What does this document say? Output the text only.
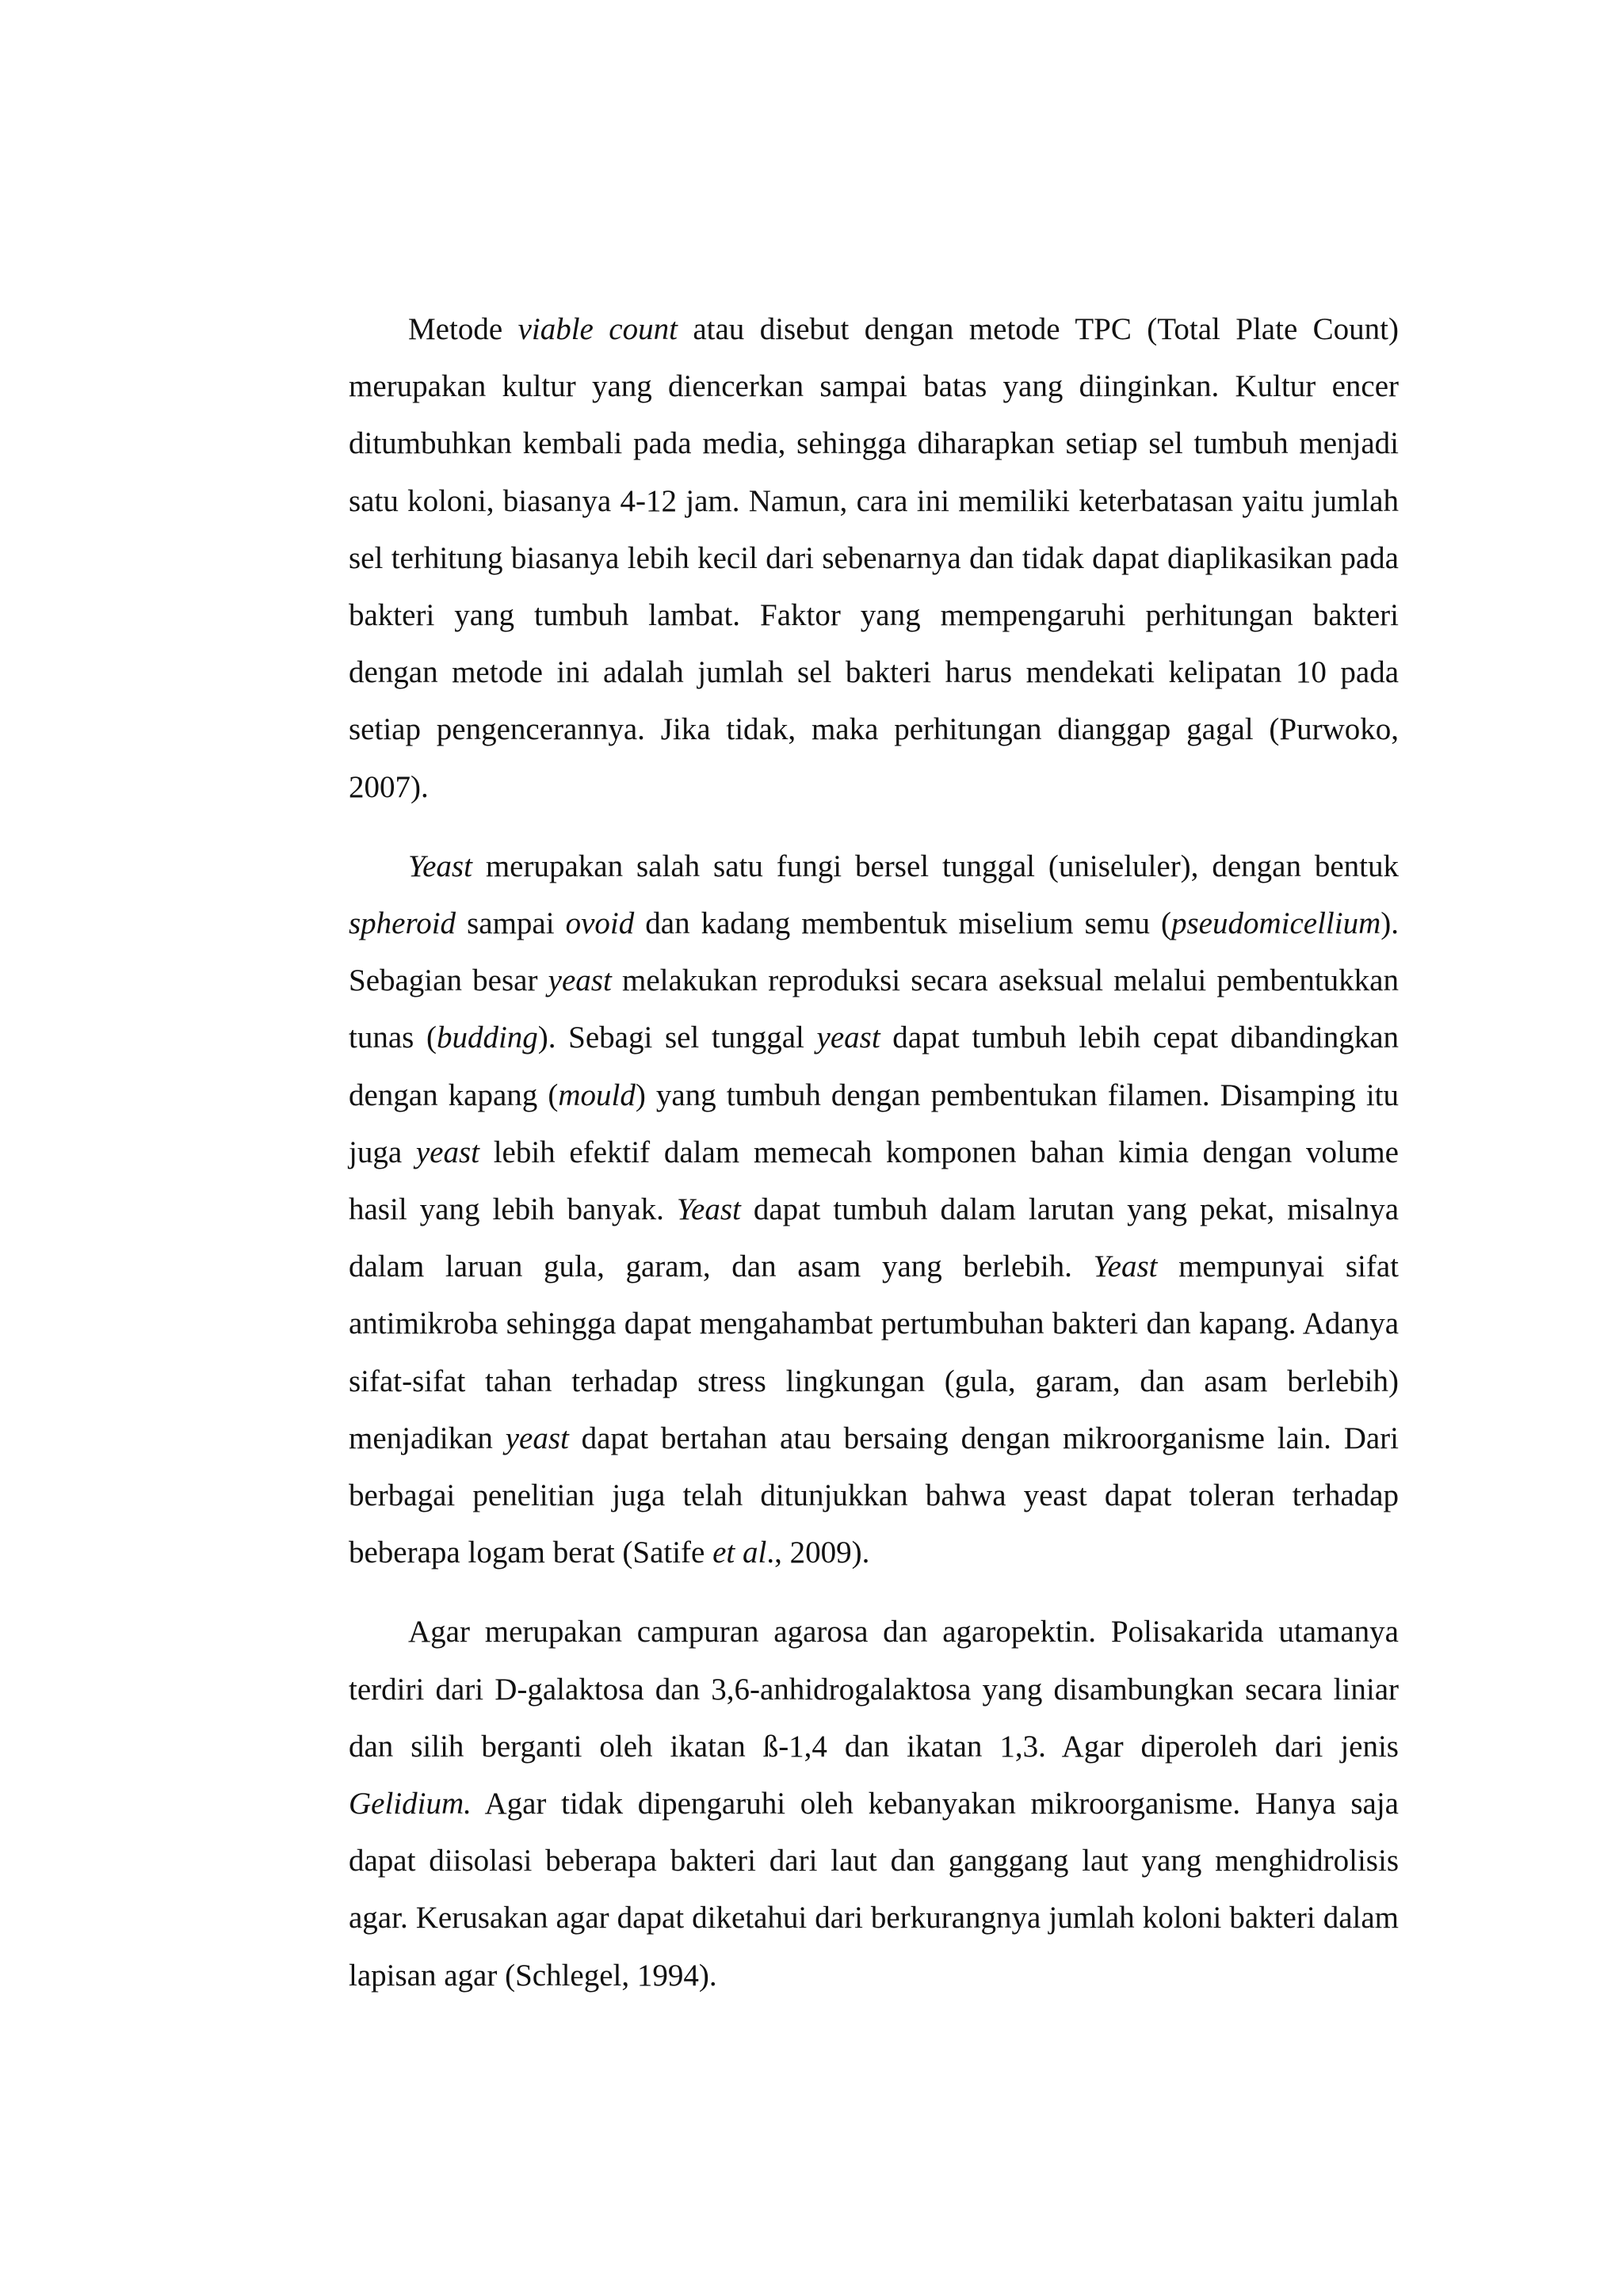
Metode viable count atau disebut dengan metode TPC (Total Plate Count) merupakan kultur yang diencerkan sampai batas yang diinginkan. Kultur encer ditumbuhkan kembali pada media, sehingga diharapkan setiap sel tumbuh menjadi satu koloni, biasanya 4-12 jam. Namun, cara ini memiliki keterbatasan yaitu jumlah sel terhitung biasanya lebih kecil dari sebenarnya dan tidak dapat diaplikasikan pada bakteri yang tumbuh lambat. Faktor yang mempengaruhi perhitungan bakteri dengan metode ini adalah jumlah sel bakteri harus mendekati kelipatan 10 pada setiap pengencerannya. Jika tidak, maka perhitungan dianggap gagal (Purwoko, 2007).

Yeast merupakan salah satu fungi bersel tunggal (uniseluler), dengan bentuk spheroid sampai ovoid dan kadang membentuk miselium semu (pseudomicellium). Sebagian besar yeast melakukan reproduksi secara aseksual melalui pembentukkan tunas (budding). Sebagi sel tunggal yeast dapat tumbuh lebih cepat dibandingkan dengan kapang (mould) yang tumbuh dengan pembentukan filamen. Disamping itu juga yeast lebih efektif dalam memecah komponen bahan kimia dengan volume hasil yang lebih banyak. Yeast dapat tumbuh dalam larutan yang pekat, misalnya dalam laruan gula, garam, dan asam yang berlebih. Yeast mempunyai sifat antimikroba sehingga dapat mengahambat pertumbuhan bakteri dan kapang. Adanya sifat-sifat tahan terhadap stress lingkungan (gula, garam, dan asam berlebih) menjadikan yeast dapat bertahan atau bersaing dengan mikroorganisme lain. Dari berbagai penelitian juga telah ditunjukkan bahwa yeast dapat toleran terhadap beberapa logam berat (Satife et al., 2009).

Agar merupakan campuran agarosa dan agaropektin. Polisakarida utamanya terdiri dari D-galaktosa dan 3,6-anhidrogalaktosa yang disambungkan secara liniar dan silih berganti oleh ikatan ß-1,4 dan ikatan 1,3. Agar diperoleh dari jenis Gelidium. Agar tidak dipengaruhi oleh kebanyakan mikroorganisme. Hanya saja dapat diisolasi beberapa bakteri dari laut dan ganggang laut yang menghidrolisis agar. Kerusakan agar dapat diketahui dari berkurangnya jumlah koloni bakteri dalam lapisan agar (Schlegel, 1994).
